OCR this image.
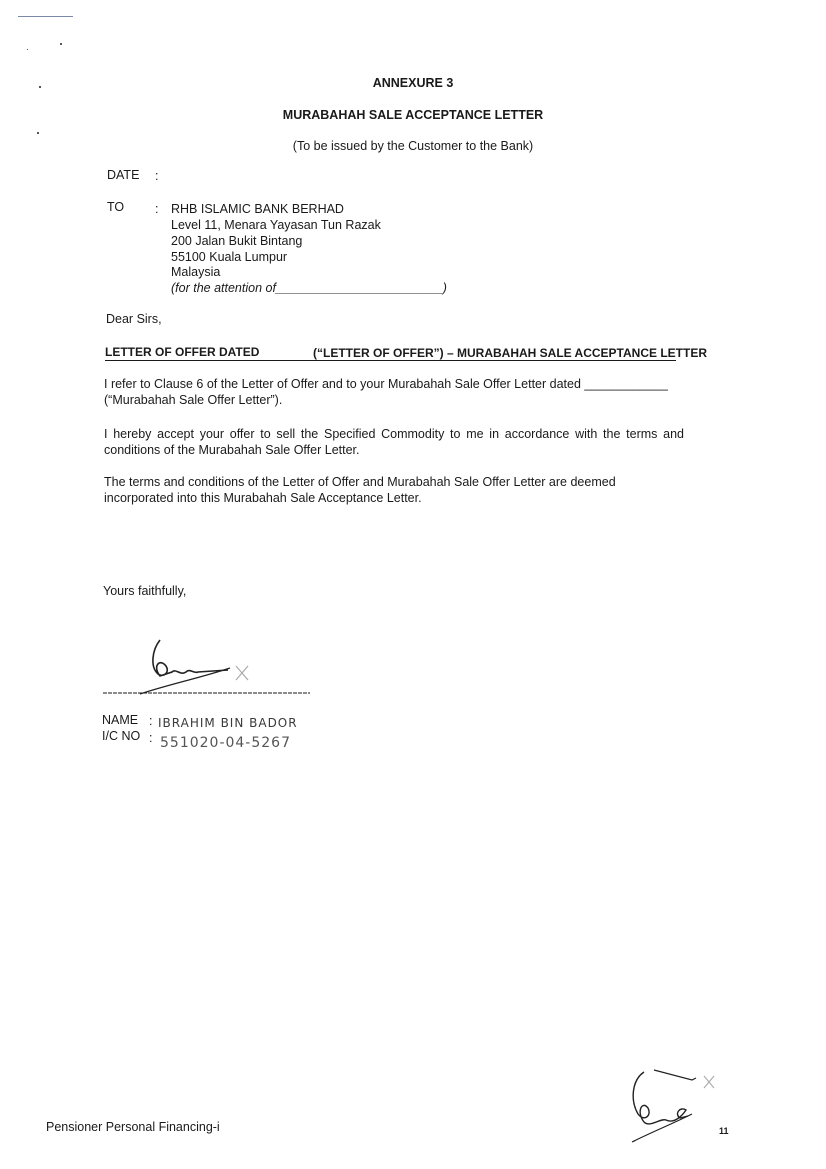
ANNEXURE 3
MURABAHAH SALE ACCEPTANCE LETTER
(To be issued by the Customer to the Bank)
DATE :
TO : RHB ISLAMIC BANK BERHAD
Level 11, Menara Yayasan Tun Razak
200 Jalan Bukit Bintang
55100 Kuala Lumpur
Malaysia
(for the attention of________________________)
Dear Sirs,
LETTER OF OFFER DATED	(“LETTER OF OFFER”) – MURABAHAH SALE ACCEPTANCE LETTER
I refer to Clause 6 of the Letter of Offer and to your Murabahah Sale Offer Letter dated ____________
(“Murabahah Sale Offer Letter”).
I hereby accept your offer to sell the Specified Commodity to me in accordance with the terms and conditions of the Murabahah Sale Offer Letter.
The terms and conditions of the Letter of Offer and Murabahah Sale Offer Letter are deemed incorporated into this Murabahah Sale Acceptance Letter.
Yours faithfully,
NAME : IBRAHIM BIN BADOR
I/C NO : 551020-04-5267
Pensioner Personal Financing-i	11
